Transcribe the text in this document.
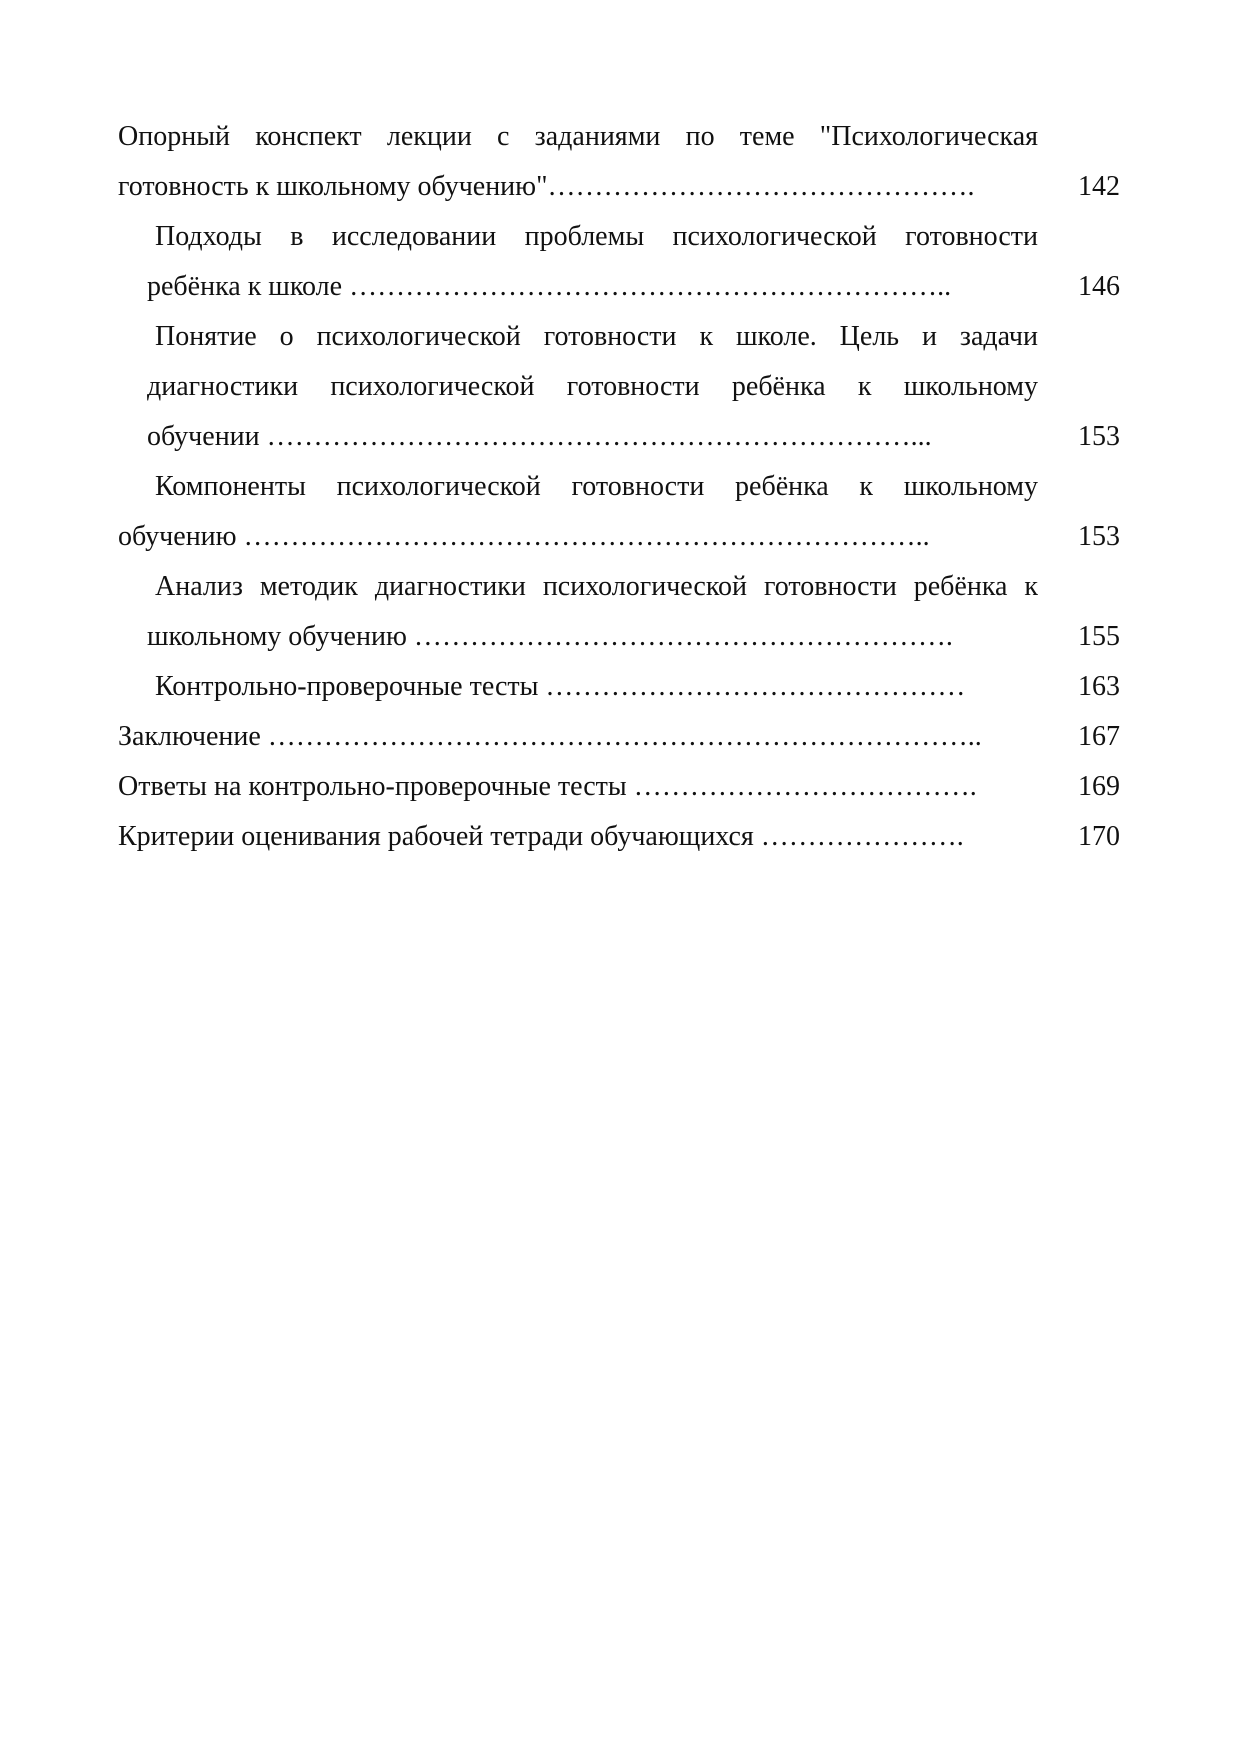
Опорный конспект лекции с заданиями по теме "Психологическая
готовность к школьному обучению"……………………………………….	142
Подходы в исследовании проблемы психологической готовности
ребёнка к школе ………………………………………………………..	146
Понятие о психологической готовности к школе. Цель и задачи
диагностики психологической готовности ребёнка к школьному
обучении ……………………………………………………………...	153
Компоненты психологической готовности ребёнка к школьному
обучению ………………………………………………………………..	153
Анализ методик диагностики психологической готовности ребёнка к
школьному обучению ………………………………………………….	155
Контрольно-проверочные тесты ………………………………………	163
Заключение …………………………………………………………………..	167
Ответы на контрольно-проверочные тесты ……………………………….	169
Критерии оценивания рабочей тетради обучающихся ………………….	170
